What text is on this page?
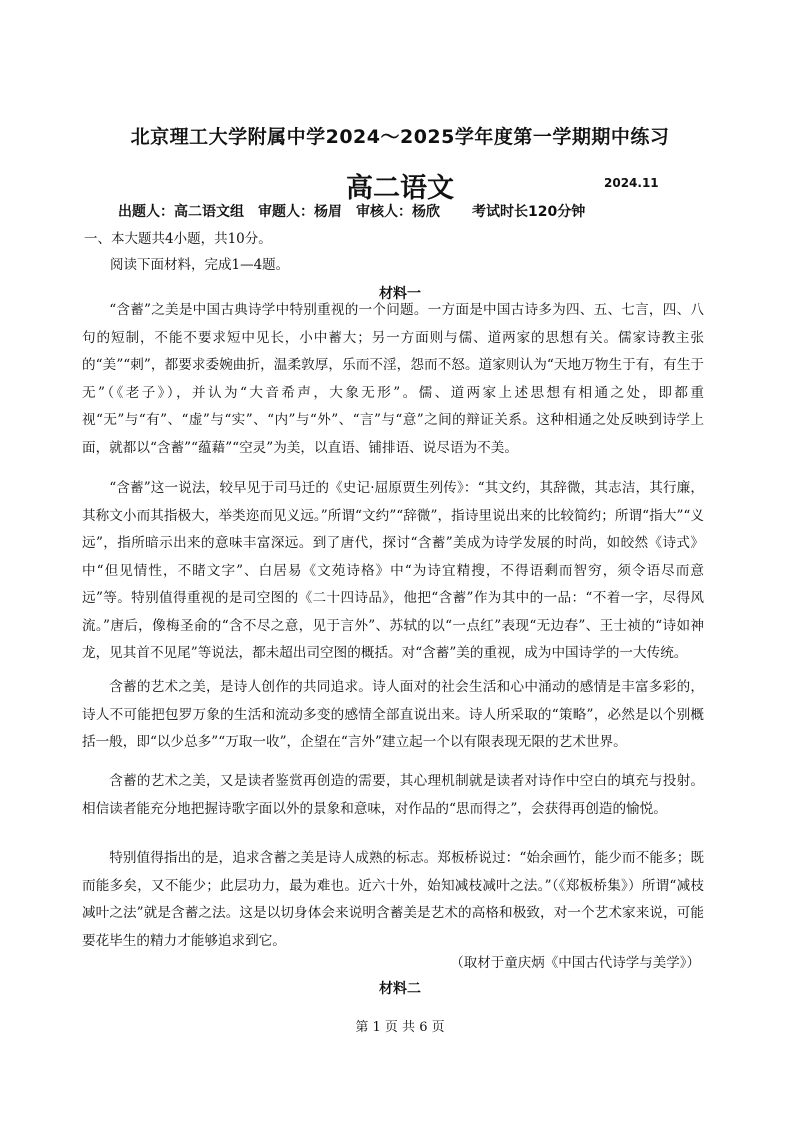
北京理工大学附属中学2024～2025学年度第一学期期中练习
高二语文	2024.11
出题人：高二语文组 审题人：杨眉 审核人：杨欣 考试时长120分钟
一、本大题共4小题，共10分。
阅读下面材料，完成1—4题。
材料一

“含蓄”之美是中国古典诗学中特别重视的一个问题。一方面是中国古诗多为四、五、七言，四、八句的短制，不能不要求短中见长，小中蓄大；另一方面则与儒、道两家的思想有关。儒家诗教主张的“美”“刺”，都要求委婉曲折，温柔敦厚，乐而不淫，怨而不怒。道家则认为“天地万物生于有，有生于无”（《老子》），并认为“大音希声，大象无形”。儒、道两家上述思想有相通之处，即都重视“无”与“有”、“虚”与“实”、“内”与“外”、“言”与“意”之间的辩证关系。这种相通之处反映到诗学上面，就都以“含蓄”“蕴藉”“空灵”为美，以直语、铺排语、说尽语为不美。

“含蓄”这一说法，较早见于司马迁的《史记·屈原贾生列传》：“其文约，其辞微，其志洁，其行廉，其称文小而其指极大，举类迩而见义远。”所谓“文约”“辞微”，指诗里说出来的比较简约；所谓“指大”“义远”，指所暗示出来的意味丰富深远。到了唐代，探讨“含蓄”美成为诗学发展的时尚，如皎然《诗式》中“但见情性，不睹文字”、白居易《文苑诗格》中“为诗宜精搜，不得语剩而智穷，须令语尽而意远”等。特别值得重视的是司空图的《二十四诗品》，他把“含蓄”作为其中的一品：“不着一字，尽得风流。”唐后，像梅圣俞的“含不尽之意，见于言外”、苏轼的以“一点红”表现“无边春”、王士祯的“诗如神龙，见其首不见尾”等说法，都未超出司空图的概括。对“含蓄”美的重视，成为中国诗学的一大传统。

含蓄的艺术之美，是诗人创作的共同追求。诗人面对的社会生活和心中涌动的感情是丰富多彩的，诗人不可能把包罗万象的生活和流动多变的感情全部直说出来。诗人所采取的“策略”，必然是以个别概括一般，即“以少总多”“万取一收”，企望在“言外”建立起一个以有限表现无限的艺术世界。

含蓄的艺术之美，又是读者鉴赏再创造的需要，其心理机制就是读者对诗作中空白的填充与投射。相信读者能充分地把握诗歌字面以外的景象和意味，对作品的“思而得之”，会获得再创造的愉悦。

特别值得指出的是，追求含蓄之美是诗人成熟的标志。郑板桥说过：“始余画竹，能少而不能多；既而能多矣，又不能少；此层功力，最为难也。近六十外，始知减枝减叶之法。”（《郑板桥集》）所谓“减枝减叶之法”就是含蓄之法。这是以切身体会来说明含蓄美是艺术的高格和极致，对一个艺术家来说，可能要花毕生的精力才能够追求到它。

（取材于童庆炳《中国古代诗学与美学》）
材料二
第 1 页 共 6 页
